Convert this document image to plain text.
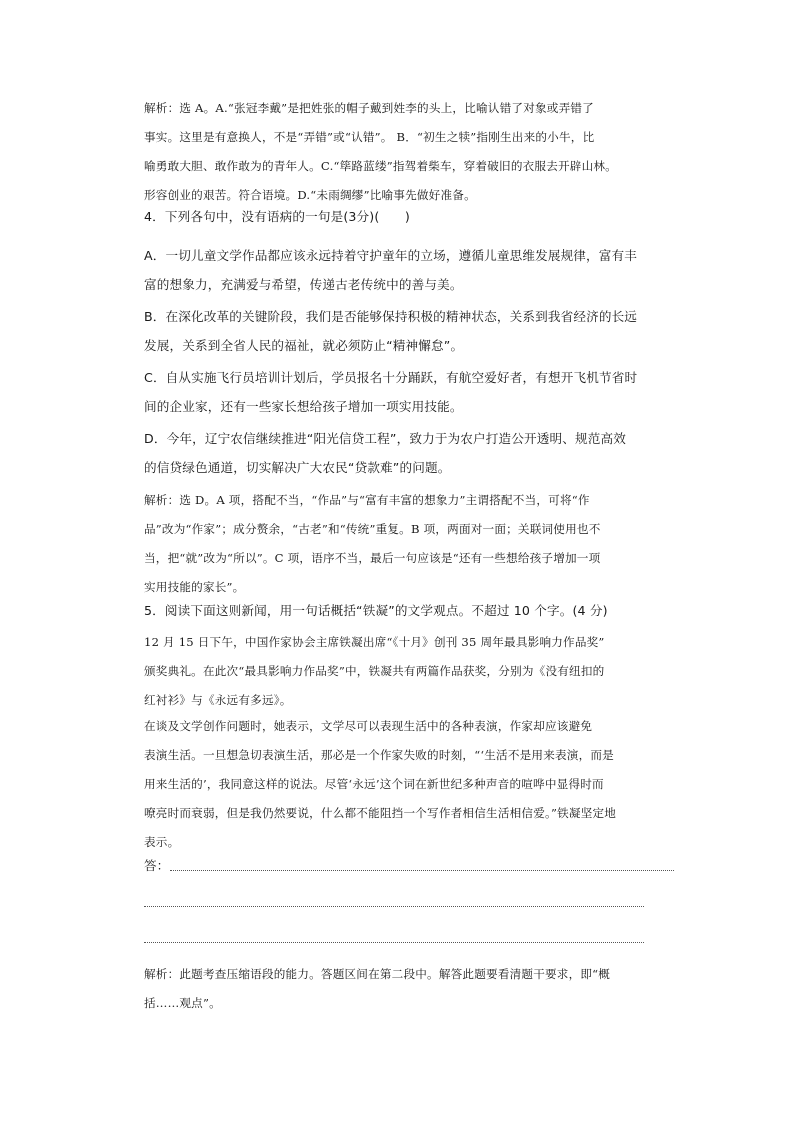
解析：选 A。A.“张冠李戴”是把姓张的帽子戴到姓李的头上，比喻认错了对象或弄错了
事实。这里是有意换人，不是“弄错”或“认错”。 B．“初生之犊”指刚生出来的小牛，比
喻勇敢大胆、敢作敢为的青年人。C.“筚路蓝缕”指驾着柴车，穿着破旧的衣服去开辟山林。
形容创业的艰苦。符合语境。D.“未雨绸缪”比喻事先做好准备。
4．下列各句中，没有语病的一句是(3分)(　　)
A．一切儿童文学作品都应该永远持着守护童年的立场，遵循儿童思维发展规律，富有丰
富的想象力，充满爱与希望，传递古老传统中的善与美。
B．在深化改革的关键阶段，我们是否能够保持积极的精神状态，关系到我省经济的长远
发展，关系到全省人民的福祉，就必须防止“精神懈怠”。
C．自从实施飞行员培训计划后，学员报名十分踊跃，有航空爱好者，有想开飞机节省时
间的企业家，还有一些家长想给孩子增加一项实用技能。
D．今年，辽宁农信继续推进“阳光信贷工程”，致力于为农户打造公开透明、规范高效
的信贷绿色通道，切实解决广大农民“贷款难”的问题。
解析：选 D。A 项，搭配不当，“作品”与“富有丰富的想象力”主谓搭配不当，可将“作
品”改为“作家”；成分赘余，“古老”和“传统”重复。B 项，两面对一面；关联词使用也不
当，把“就”改为“所以”。C 项，语序不当，最后一句应该是“还有一些想给孩子增加一项
实用技能的家长”。
5．阅读下面这则新闻，用一句话概括“铁凝”的文学观点。不超过 10 个字。(4 分)
12 月 15 日下午，中国作家协会主席铁凝出席“《十月》创刊 35 周年最具影响力作品奖”
颁奖典礼。在此次“最具影响力作品奖”中，铁凝共有两篇作品获奖，分别为《没有纽扣的
红衬衫》与《永远有多远》。
在谈及文学创作问题时，她表示，文学尽可以表现生活中的各种表演，作家却应该避免
表演生活。一旦想急切表演生活，那必是一个作家失败的时刻，“‘生活不是用来表演，而是
用来生活的’，我同意这样的说法。尽管‘永远’这个词在新世纪多种声音的喧哗中显得时而
嘹亮时而衰弱，但是我仍然要说，什么都不能阻挡一个写作者相信生活相信爱。”铁凝坚定地
表示。
答：
解析：此题考查压缩语段的能力。答题区间在第二段中。解答此题要看清题干要求，即“概
括……观点”。
